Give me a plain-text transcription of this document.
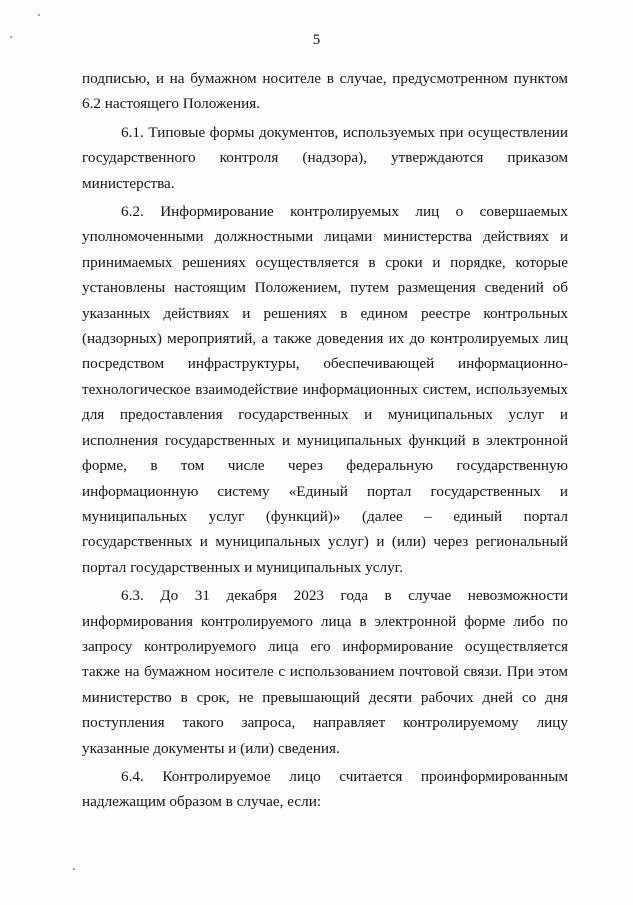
5

подписью, и на бумажном носителе в случае, предусмотренном пунктом 6.2 настоящего Положения.

6.1. Типовые формы документов, используемых при осуществлении государственного контроля (надзора), утверждаются приказом министерства.

6.2. Информирование контролируемых лиц о совершаемых уполномоченными должностными лицами министерства действиях и принимаемых решениях осуществляется в сроки и порядке, которые установлены настоящим Положением, путем размещения сведений об указанных действиях и решениях в едином реестре контрольных (надзорных) мероприятий, а также доведения их до контролируемых лиц посредством инфраструктуры, обеспечивающей информационно-технологическое взаимодействие информационных систем, используемых для предоставления государственных и муниципальных услуг и исполнения государственных и муниципальных функций в электронной форме, в том числе через федеральную государственную информационную систему «Единый портал государственных и муниципальных услуг (функций)» (далее – единый портал государственных и муниципальных услуг) и (или) через региональный портал государственных и муниципальных услуг.

6.3. До 31 декабря 2023 года в случае невозможности информирования контролируемого лица в электронной форме либо по запросу контролируемого лица его информирование осуществляется также на бумажном носителе с использованием почтовой связи. При этом министерство в срок, не превышающий десяти рабочих дней со дня поступления такого запроса, направляет контролируемому лицу указанные документы и (или) сведения.

6.4. Контролируемое лицо считается проинформированным надлежащим образом в случае, если:
